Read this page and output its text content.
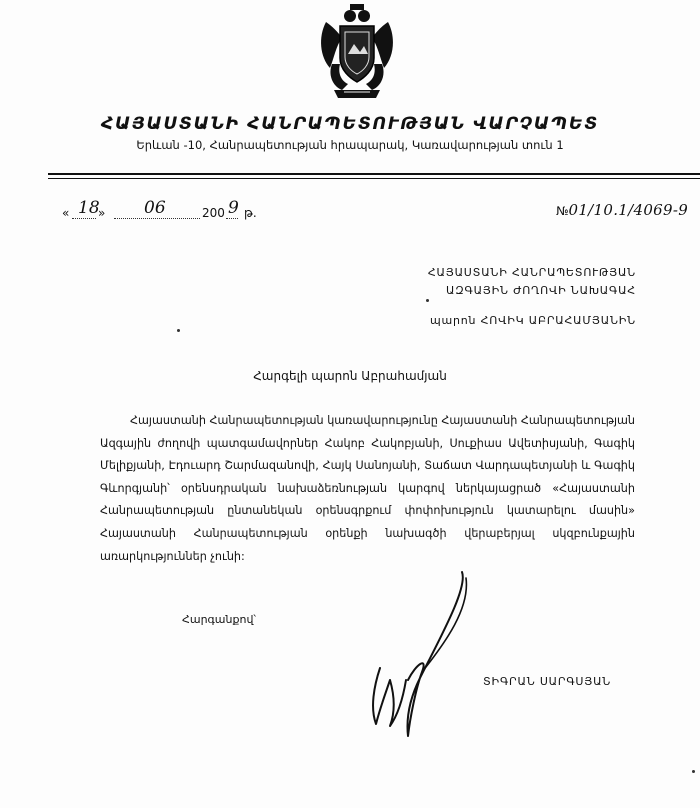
ՀԱՅԱՍՏԱՆԻ ՀԱՆՐԱՊԵՏՈՒԹՅԱՆ ՎԱՐՉԱՊԵՏ
Երևան -10, Հանրապետության հրապարակ, Կառավարության տուն 1
« 18
» 06	200 9 թ.	№01/10.1/4069-9
ՀԱՅԱՍՏԱՆԻ ՀԱՆՐԱՊԵՏՈՒԹՅԱՆ
ԱԶԳԱՅԻՆ ԺՈՂՈՎԻ ՆԱԽԱԳԱՀ
պարոն ՀՈՎԻԿ ԱԲՐԱՀԱՄՅԱՆԻՆ
Հարգելի պարոն Աբրահամյան
Հայաստանի Հանրապետության կառավարությունը Հայաստանի Հանրապետության Ազգային ժողովի պատգամավորներ Հակոբ Հակոբյանի, Սուքիաս Ավետիսյանի, Գագիկ Մելիքյանի, Էդուարդ Շարմազանովի, Հայկ Սանոյանի, Տաճատ Վարդապետյանի և Գագիկ Գևորգյանի՝ օրենսդրական նախաձեռնության կարգով ներկայացրած «Հայաստանի Հանրապետության ընտանեկան օրենսգրքում փոփոխություն կատարելու մասին» Հայաստանի Հանրապետության օրենքի նախագծի վերաբերյալ սկզբունքային առարկություններ չունի:
Հարգանքով՝
ՏԻԳՐԱՆ ՍԱՐԳՍՅԱՆ
